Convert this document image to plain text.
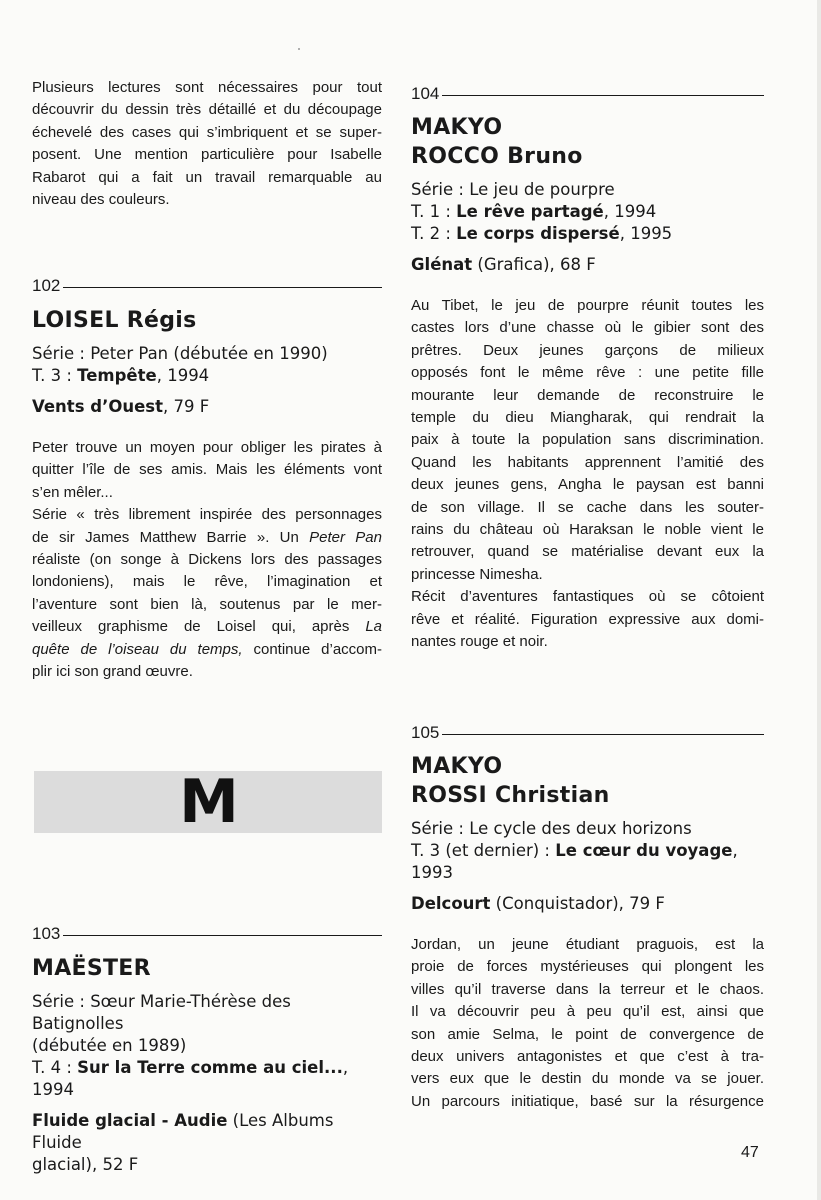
Plusieurs lectures sont nécessaires pour tout
découvrir du dessin très détaillé et du découpage
échevelé des cases qui s’imbriquent et se super-
posent. Une mention particulière pour Isabelle
Rabarot qui a fait un travail remarquable au
niveau des couleurs.
102
LOISEL Régis
Série : Peter Pan (débutée en 1990)
T. 3 : Tempête, 1994
Vents d’Ouest, 79 F
Peter trouve un moyen pour obliger les pirates à
quitter l’île de ses amis. Mais les éléments vont
s’en mêler...
Série « très librement inspirée des personnages
de sir James Matthew Barrie ». Un Peter Pan
réaliste (on songe à Dickens lors des passages
londoniens), mais le rêve, l’imagination et
l’aventure sont bien là, soutenus par le mer-
veilleux graphisme de Loisel qui, après La
quête de l’oiseau du temps, continue d’accom-
plir ici son grand œuvre.
M
103
MAËSTER
Série : Sœur Marie-Thérèse des Batignolles
(débutée en 1989)
T. 4 : Sur la Terre comme au ciel..., 1994
Fluide glacial - Audie (Les Albums Fluide
glacial), 52 F
104
MAKYO
ROCCO Bruno
Série : Le jeu de pourpre
T. 1 : Le rêve partagé, 1994
T. 2 : Le corps dispersé, 1995
Glénat (Grafica), 68 F
Au Tibet, le jeu de pourpre réunit toutes les
castes lors d’une chasse où le gibier sont des
prêtres. Deux jeunes garçons de milieux
opposés font le même rêve : une petite fille
mourante leur demande de reconstruire le
temple du dieu Miangharak, qui rendrait la
paix à toute la population sans discrimination.
Quand les habitants apprennent l’amitié des
deux jeunes gens, Angha le paysan est banni
de son village. Il se cache dans les souter-
rains du château où Haraksan le noble vient le
retrouver, quand se matérialise devant eux la
princesse Nimesha.
Récit d’aventures fantastiques où se côtoient
rêve et réalité. Figuration expressive aux domi-
nantes rouge et noir.
105
MAKYO
ROSSI Christian
Série : Le cycle des deux horizons
T. 3 (et dernier) : Le cœur du voyage,
1993
Delcourt (Conquistador), 79 F
Jordan, un jeune étudiant praguois, est la
proie de forces mystérieuses qui plongent les
villes qu’il traverse dans la terreur et le chaos.
Il va découvrir peu à peu qu’il est, ainsi que
son amie Selma, le point de convergence de
deux univers antagonistes et que c’est à tra-
vers eux que le destin du monde va se jouer.
Un parcours initiatique, basé sur la résurgence
47
